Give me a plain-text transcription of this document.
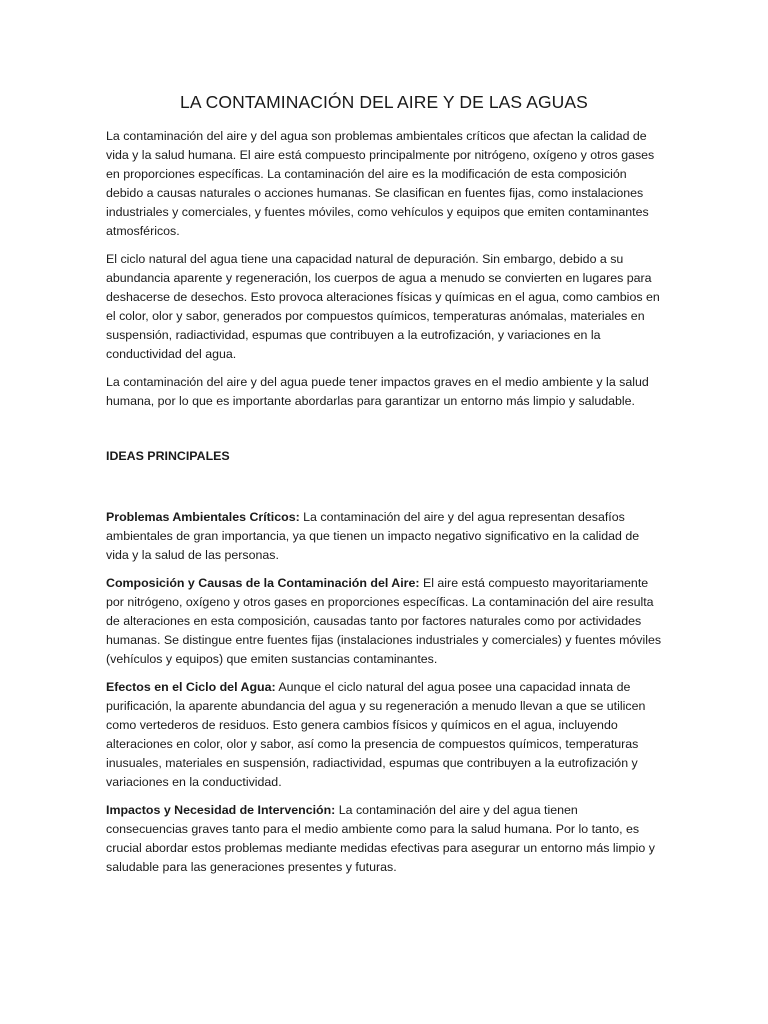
LA CONTAMINACIÓN DEL AIRE Y DE LAS AGUAS

La contaminación del aire y del agua son problemas ambientales críticos que afectan la calidad de vida y la salud humana. El aire está compuesto principalmente por nitrógeno, oxígeno y otros gases en proporciones específicas. La contaminación del aire es la modificación de esta composición debido a causas naturales o acciones humanas. Se clasifican en fuentes fijas, como instalaciones industriales y comerciales, y fuentes móviles, como vehículos y equipos que emiten contaminantes atmosféricos.

El ciclo natural del agua tiene una capacidad natural de depuración. Sin embargo, debido a su abundancia aparente y regeneración, los cuerpos de agua a menudo se convierten en lugares para deshacerse de desechos. Esto provoca alteraciones físicas y químicas en el agua, como cambios en el color, olor y sabor, generados por compuestos químicos, temperaturas anómalas, materiales en suspensión, radiactividad, espumas que contribuyen a la eutrofización, y variaciones en la conductividad del agua.

La contaminación del aire y del agua puede tener impactos graves en el medio ambiente y la salud humana, por lo que es importante abordarlas para garantizar un entorno más limpio y saludable.

IDEAS PRINCIPALES

Problemas Ambientales Críticos: La contaminación del aire y del agua representan desafíos ambientales de gran importancia, ya que tienen un impacto negativo significativo en la calidad de vida y la salud de las personas.

Composición y Causas de la Contaminación del Aire: El aire está compuesto mayoritariamente por nitrógeno, oxígeno y otros gases en proporciones específicas. La contaminación del aire resulta de alteraciones en esta composición, causadas tanto por factores naturales como por actividades humanas. Se distingue entre fuentes fijas (instalaciones industriales y comerciales) y fuentes móviles (vehículos y equipos) que emiten sustancias contaminantes.

Efectos en el Ciclo del Agua: Aunque el ciclo natural del agua posee una capacidad innata de purificación, la aparente abundancia del agua y su regeneración a menudo llevan a que se utilicen como vertederos de residuos. Esto genera cambios físicos y químicos en el agua, incluyendo alteraciones en color, olor y sabor, así como la presencia de compuestos químicos, temperaturas inusuales, materiales en suspensión, radiactividad, espumas que contribuyen a la eutrofización y variaciones en la conductividad.

Impactos y Necesidad de Intervención: La contaminación del aire y del agua tienen consecuencias graves tanto para el medio ambiente como para la salud humana. Por lo tanto, es crucial abordar estos problemas mediante medidas efectivas para asegurar un entorno más limpio y saludable para las generaciones presentes y futuras.
